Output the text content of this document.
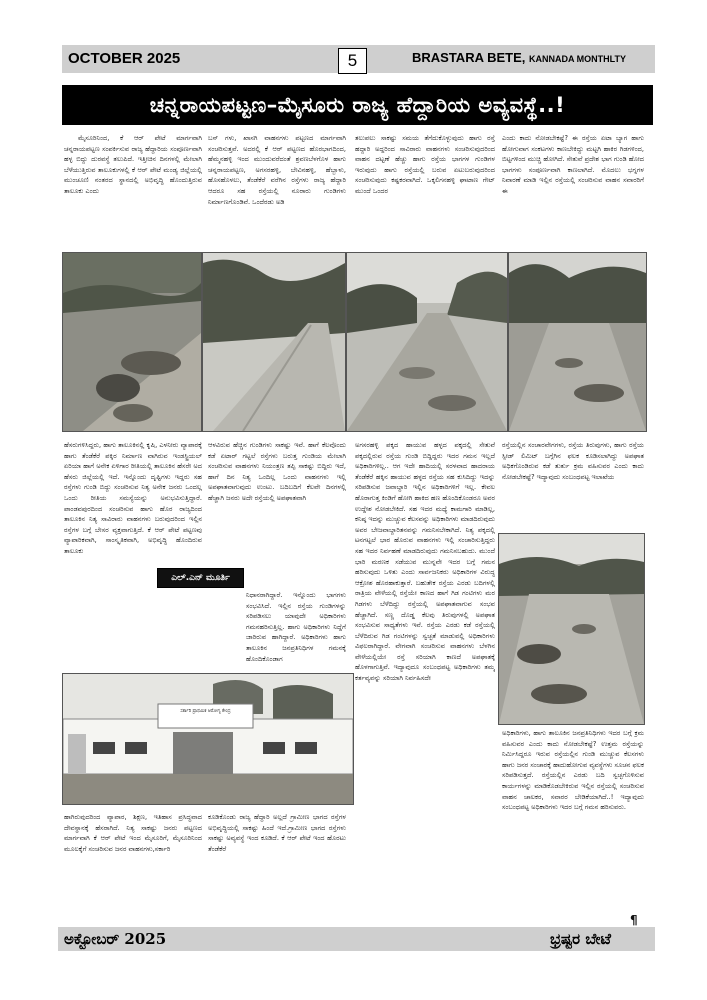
OCTOBER 2025	5	BRASTARA BETE, KANNADA MONTHLTY
ಚನ್ನರಾಯಪಟ್ಟಣ–ಮೈಸೂರು ರಾಜ್ಯ ಹೆದ್ದಾರಿಯ ಅವ್ಯವಸ್ಥೆ..!

ಮೈಸೂರಿನಿಂದ, ಕೆ ಆರ್ ಪೇಟೆ ಮಾರ್ಗವಾಗಿ ಚನ್ನರಾಯಪಟ್ಟಣ ಸಂಪರ್ಕಿಸುವ ರಾಜ್ಯ ಹೆದ್ದಾರಿಯ ಸಂಪೂರ್ಣವಾಗಿ ಹಳ್ಳ ಬಿದ್ದು ದುರವಸ್ಥೆ ತಲುಪಿದೆ. ಇತ್ತೀಚಿನ ದಿನಗಳಲ್ಲಿ ಮೇಲಾಗಿ ಬೆಳೆಯುತ್ತಿರುವ ತಾಲೂಕುಗಳಲ್ಲಿ ಕೆ ಆರ್ ಪೇಟೆ ಮಂಡ್ಯ ಜಿಲ್ಲೆಯಲ್ಲಿ ಮುಂಚೂಣಿ ನಂತರದ ಸ್ಥಾನದಲ್ಲಿ ಅಭಿವೃದ್ಧಿ ಹೊಂದುತ್ತಿರುವ ತಾಲೂಕು ಎಂದು

ಬಸ್ ಗಳು, ಖಾಸಗಿ ವಾಹನಗಳು ಪಟ್ಟಣದ ಮಾರ್ಗವಾಗಿ ಸಂಚರಿಸುತ್ತವೆ. ಅದರಲ್ಲಿ ಕೆ ಆರ್ ಪಟ್ಟಣದ ಹೊರಭಾಗದಿಂದ, ಹೆಮ್ಮನಹಳ್ಳಿ ಇಂದ ಮುಂದುವರೆದಂತೆ ಶ್ರವಣಬೆಳಗೊಳ ಹಾಗು ಚನ್ನರಾಯಪಟ್ಟಣ, ಅಗಸರಹಳ್ಳಿ, ಬೇವಿನಹಳ್ಳಿ, ಹೆಬ್ಬಾಳು, ಹೊಸಹೊಳಲು, ತೆಂಡೆಕೆರೆ ವರೆಗಿನ ರಸ್ತೆಗಳು ರಾಜ್ಯ ಹೆದ್ದಾರಿ ಆದರೂ ಸಹ ರಸ್ತೆಯಲ್ಲಿ ನೂರಾರು ಗುಂಡಿಗಳು ನಿರ್ಮಾಣಗೊಂಡಿವೆ. ಒಂದೆರಡು ಅಡಿ

ತಲುಪಲು ಸಾಕಷ್ಟು ಸಮಯ ತೆಗೆದುಕೊಳ್ಳುವುದು ಹಾಗು ರಸ್ತೆ ಹದ್ದಾರಿ ಅದ್ದರಿಂದ ಸಾವಿರಾರು ವಾಹನಗಳು ಸಂಚರಿಸುವುದರಿಂದ ವಾಹನ ದಟ್ಟಣೆ ಹೆಚ್ಚು ಹಾಗು ರಸ್ತೆಯ ಭಾಗಗಳ ಗುಂಡಿಗಳ ಇರುವುದು ಹಾಗು ರಸ್ತೆಯಲ್ಲಿ ಬರುವ ಏಟುಬರುವುದರಿಂದ ಸಂಚರಿಸುವುದು ಕಷ್ಟಕರವಾಗಿದೆ. ಒಕ್ಕಲಿಗನಹಳ್ಳಿ ಘಾಟಾಣ ಗೇಟ್ ಮುಂದೆ ಒಂದರ

ಎಂದು ಕಾದು ನೋಡಬೇಕಷ್ಟೆ? ಈ ರಸ್ತೆಯ ಏಟಾ ಬ್ಯಾಗ ಹಾಗು ಹೋಗುವಾಗ ಸಂಕಟಗಳು ಕಾಣಬೇಕಿದ್ದು ಮಟ್ಟಗಿ ಹಾಕಿರ ಗಿಡಗಳಿಂದ, ಬಿಟ್ಟಗಳಿಂದ ಮುಚ್ಚಿ ಹೋಗಿದೆ. ಸೇತುವೆ ಪ್ರದೇಶ ಭಾಗ ಗುಂಡಿ ಹೋದ ಭಾಗಗಳು ಸಂಪೂರ್ಣವಾಗಿ ಕಾಣಲಾಗಿದೆ. ಮೊದಲು ಭಗ್ನಗಳ ನಿವಾರಣೆ ಮಾಡಿ ಇಲ್ಲಿನ ರಸ್ತೆಯಲ್ಲಿ ಸಂಚರಿಸುವ ವಾಹನ ಸವಾರರಿಗೆ ಈ

ಹೆಸರುಗಳಿಸಿದ್ದರು, ಹಾಗು ತಾಲೂಕಿನಲ್ಲಿ ಕೃಷಿ, ಎಳನೀರು ವ್ಯಾಪಾರಕ್ಕೆ ಹಾಗು ತೆಂಡೆಕೆರೆ ಪಕ್ಕಿರ ನಿರ್ಮಾಣ ವಾಗಿರುವ ಇಂಡಸ್ಟ್ರಿಯಲ್ ಏರಿಯಾ ಹಾಗೆ ಅನೇಕ ಏಳಿಗಾರ ರೀತಿಯಲ್ಲಿ ತಾಲೂಕಿನ ಹೆಸರೇ ಅದ ಹೆಸರು ಜಿಲ್ಲೆಯಲ್ಲಿ ಇದೆ. ಇನ್ನೊಂದು ದೃಷ್ಟಿಗಳು ಇದ್ದರು ಸಹ ರಸ್ತೆಗಳು ಗುಂಡಿ ಬಿದ್ದು ಸಂಚರಿಸುವ ನಿತ್ಯ ಅನೇಕ ಜನರು ಒಂದಲ್ಲ ಒಂದು ರೀತಿಯ ಸಮಸ್ಯೆಯನ್ನು ಅನುಭವಿಸುತ್ತಿದ್ದಾರೆ. ಪಾಂಡವಪುರದಿಂದ ಸಂಚರಿಸುವ ಹಾಗು ಹೊರ ರಾಜ್ಯದಿಂದ ತಾಲೂಕಿನ ನಿತ್ಯ ಸಾವಿರಾರು ವಾಹನಗಳು ಬರುವುದರಿಂದ ಇಲ್ಲಿನ ರಸ್ತೆಗಳ ಬಗ್ಗೆ ಬೇಸರ ವ್ಯಕ್ತವಾಗುತ್ತಿದೆ. ಕೆ ಆರ್ ಪೇಟೆ ಪಟ್ಟಣವು ವ್ಯಾಪಾರಿಕವಾಗಿ, ಸಾಂಸ್ಕೃತಿಕವಾಗಿ, ಅಭಿವೃದ್ಧಿ ಹೊಂದಿರುವ ತಾಲೂಕು

ಆಳವಿರುವ ಹೆಚ್ಚಿನ ಗುಂಡಿಗಳು ಸಾಕಷ್ಟು ಇವೆ. ಹಾಗೆ ಕೆಲವೊಂದು ಕಡೆ ಏಟಾರ್ ಗಟ್ಟಲೆ ರಸ್ತೆಗಳು ಬರುತ್ತ ಗುಂಡಿಯ ಮೇಲಾಗಿ ಸಂಚರಿಸುವ ವಾಹನಗಳು ನಿಯಂತ್ರಣ ತಪ್ಪಿ ಸಾಕಷ್ಟು ಬಿದ್ದಿರು ಇದೆ, ಹಾಗೆ ದಿನ ನಿತ್ಯ ಒಂದಿಲ್ಲ ಒಂದು ವಾಹನಗಳು ಇಲ್ಲಿ ಅಪಘಾತವಾಗುವುದು ಉಂಟು. ಬದಿಬದಿಗೆ ಕೆಲವೇ ದಿನಗಳಲ್ಲಿ ಹೆಚ್ಚಾಗಿ ಜನರು ಅದೇ ರಸ್ತೆಯಲ್ಲಿ ಅಪಘಾತವಾಗಿ

ಎಲ್.ಎನ್ ಮೂರ್ತಿ

ನಿಧಾನರಾಗಿದ್ದಾರೆ. ಇನ್ನೊಂದು ಭಾಗಗಳು ಸಂಭವಿಸಿದೆ. ಇಲ್ಲಿನ ರಸ್ತೆಯ ಗುಂಡಿಗಳನ್ನು ಸರಿಪಡಿಸಲು ಯಾವುದೇ ಅಧಿಕಾರಿಗಳು ಗಮನಹರಿಸುತ್ತಿಲ್ಲ. ಹಾಗು ಅಧಿಕಾರಿಗಳು ನಿದ್ದೆಗೆ ಜಾರಿರುವ ಹಾಗಿದ್ದಾರೆ. ಅಧಿಕಾರಿಗಳು ಹಾಗು ತಾಲೂಕಿನ ಜನಪ್ರತಿನಿಧಿಗಳ ಗಮನಕ್ಕೆ ಹೊಂದಿಕೊಂಡಾಗ

ಅಗಸರಹಳ್ಳಿ ಪಕ್ಕದ ಹಾಯುವ ಹಳ್ಳದ ಪಕ್ಕದಲ್ಲಿ ಸೇತುವೆ ಪಕ್ಕದಲ್ಲಿರುವ ರಸ್ತೆಯ ಗುಂಡಿ ಬಿದ್ದಿದ್ದರು ಇದರ ಗಮನ ಇಲ್ಲದೆ ಅಧಿಕಾರಿಗಳಿಲ್ಲ.. ಆಗ ಇದೇ ಹಾದಿಯಲ್ಲಿ ಸರಳವಾದ ಹಾದರಾಯ ತೆಂಡೆಕೆರೆ ಹಕ್ಕಿನ ಹಾಯುವ ಹಳ್ಳದ ರಸ್ತೆಯ ಸಹ ಕುಸಿದಿದ್ದು ಇದನ್ನು ಸರಿಪಡಿಸುವ ಜವಾಬ್ದಾರಿ ಇಲ್ಲಿನ ಅಧಿಕಾರಿಗಳಿಗೆ ಇಲ್ಲ. ಕೇವಲ ಹೊರಾಗುತ್ತ ಕಿಂಡಿಗೆ ಹೋಗಿ ಹಾಕಿದ ಹಣ ಹೊಂದಿಕೊಂಡರೂ ಅವರ ಉದ್ದೇಶ ನೋಡಬೇಕಿದೆ. ಸಹ ಇದರ ಮಧ್ಯೆ ಕಾಮಗಾರಿ ಮಾಡಿಲ್ಲ, ಕನಿಷ್ಠ ಇದನ್ನು ಮುಚ್ಚುವ ಕೆಲಸವನ್ನು ಅಧಿಕಾರಿಗಳು ಮಾಡದಿರುವುದು ಅವರ ಬೇಜವಾಬ್ದಾರಿತನವನ್ನು ಗಮನಿಸಬೇಕಾಗಿದೆ. ನಿತ್ಯ ಪಕ್ಕದಲ್ಲಿ ಟನಗಟ್ಟಲೆ ಭಾರ ಹೊರುವ ವಾಹನಗಳು ಇಲ್ಲಿ ಸಂಚಾರಿಸುತ್ತಿದ್ದರು ಸಹ ಇದರ ನಿರ್ವಹಣೆ ಮಾಡದಿರುವುದು ಗಮನಿಸಬಹುದು. ಮುಂದೆ ಭಾರಿ ಮರಣಕ ಸಡೆಯುವ ಮುನ್ನವೇ ಇದರ ಬಗ್ಗೆ ಗಮನ ಹರಿಸುವುದು ಒಳಿತು ಎಂದು ಸಾರ್ವಜನಿಕರು ಅಧಿಕಾರಿಗಳ ವಿರುದ್ಧ ಆಕ್ರೋಶ ಹೊರಹಾಕುತ್ತಾರೆ. ಬಹುತೇಕ ರಸ್ತೆಯ ಎರಡು ಬದಿಗಳಲ್ಲಿ ರಾತ್ರಿಯ ವೇಳೆಯಲ್ಲಿ ರಸ್ತೆಯೇ ಕಾಣದ ಹಾಗೆ ಗಿಡ ಗಂಟಿಗಳು ಮರ ಗಿಡಗಳು ಬೆಳೆದಿದ್ದು ರಸ್ತೆಯಲ್ಲಿ ಅಪಘಾತವಾಗುವ ಸಂಭವ ಹೆಚ್ಚಾಗಿದೆ. ಸಣ್ಣ ದೊಡ್ಡ ಕೆಲವು ತಿರುವುಗಳಲ್ಲಿ ಅಪಘಾತ ಸಂಭವಿಸುವ ಸಾಧ್ಯತೆಗಳು ಇವೆ. ರಸ್ತೆಯ ಎರಡು ಕಡೆ ರಸ್ತೆಯಲ್ಲಿ ಬೆಳೆದಿರುವ ಗಿಡ ಗಂಟಿಗಳನ್ನು ಸ್ವಚ್ಛತೆ ಮಾಡುವಲ್ಲಿ ಅಧಿಕಾರಿಗಳು ವಿಫಲರಾಗಿದ್ದಾರೆ. ವೇಗವಾಗಿ ಸಂಚರಿಸುವ ವಾಹನಗಳು ಬೆಳಗಿನ ವೇಳೆಯಲ್ಲಿಯೇ ರಸ್ತೆ ಸರಿಯಾಗಿ ಕಾಣದೆ ಅಪಘಾತಕ್ಕೆ ಹೊಳಗಾಗುತ್ತಿವೆ. ಇದ್ಯಾವುದೂ ಸಂಬಂಧಪಟ್ಟ ಅಧಿಕಾರಿಗಳು ತಮ್ಮ ಕರ್ತವ್ಯವನ್ನು ಸರಿಯಾಗಿ ನಿರ್ವಹಿಸದೇ

ರಸ್ತೆಯಲ್ಲಿನ ಸಂಚಾರವೇಗಗಳು, ರಸ್ತೆಯ ತಿರುವುಗಳು, ಹಾಗು ರಸ್ತೆಯ ಸ್ಪೀಡ್ ಲಿಮಿಟ್ ಬಗ್ಗೆಗಿನ ಫಲಕ ಕೂಡಿಸಲಾಗಿದ್ದು ಅಪಘಾತ ಅಧಿಕಗೊಂಡಿರುವ ಕಡೆ ತುರ್ತು ಕ್ರಮ ವಹಿಸುವರ ಎಂದು ಕಾದು ನೋಡಬೇಕಷ್ಟೆ? ಇದ್ಯಾವುದು ಸಂಬಂಧಪಟ್ಟ ಇಲಾಖೆಯ

ಅಧಿಕಾರಿಗಳು, ಹಾಗು ತಾಲೂಕಿನ ಜನಪ್ರತಿನಿಧಿಗಳು ಇದರ ಬಗ್ಗೆ ಕ್ರಮ ವಹಿಸುವರ ಎಂದು ಕಾದು ನೋಡಬೇಕಷ್ಟೆ? ಉತ್ತಮ ರಸ್ತೆಯನ್ನು ನಿರ್ಮಿಸಿದ್ದರೂ ಇರುವ ರಸ್ತೆಯಲ್ಲಿನ ಗುಂಡಿ ಮುಚ್ಚುವ ಕೆಲಸಗಳು ಹಾಗು ಜನರ ಸಂಚಾರಕ್ಕೆ ಹಾದುಹೋಗುವ ವ್ಯವಸ್ಥೆಗಳು ಸೂಚನ ಫಲಕ ಸರಿಪಡಿಸುತ್ತದೆ. ರಸ್ತೆಯಲ್ಲಿನ ಎರಡು ಬದಿ ಸ್ವಚ್ಛಗೊಳಿಸುವ ಕಾರ್ಯಗಳನ್ನು ಮಾಡಿಕೊಡಬೇಕಿರುವ ಇಲ್ಲಿನ ರಸ್ತೆಯಲ್ಲಿ ಸಂಚರಿಸುವ ವಾಹನ ಚಾಲಕರ, ಸವಾರರ ಬೇಡಿಕೆಯಾಗಿದೆ..! ಇದ್ಯಾವುದು ಸಂಬಂಧಪಟ್ಟ ಅಧಿಕಾರಿಗಳು ಇದರ ಬಗ್ಗೆ ಗಮನ ಹರಿಸುವರು.

¶
ಸರ್ಕಾರಿ ಪ್ರಾಥಮಿಕ ಆರೋಗ್ಯ ಕೇಂದ್ರ

ಹಾಗಿರುವುದರಿಂದ ವ್ಯಾಪಾರ, ಶಿಕ್ಷಣ, ಇತಿಹಾಸ ಪ್ರಸಿದ್ಧವಾದ ದೇವಸ್ಥಾನಕ್ಕೆ ಹೆಸರಾಗಿದೆ. ನಿತ್ಯ ಸಾಕಷ್ಟು ಜನರು ಪಟ್ಟಣದ ಮಾರ್ಗವಾಗಿ ಕೆ ಆರ್ ಪೇಟೆ ಇಂದ ಮೈಸೂರಿಗೆ, ಮೈಸೂರಿನಿಂದ ಮೂಲಕ್ಕೆಗೆ ಸಂಚರಿಸುವ ಜನರ ವಾಹನಗಳು,ಸರ್ಕಾರಿ

ಕೂಡಿಕೊಂಡು ರಾಜ್ಯ ಹೆದ್ದಾರಿ ಅಲ್ಲದೆ ಗ್ರಾಮೀಣ ಭಾಗದ ರಸ್ತೆಗಳ ಅಭಿವೃದ್ಧಿಯಲ್ಲಿ ಸಾಕಷ್ಟು ಹಿಂದೆ ಇದೆ.ಗ್ರಾಮೀಣ ಭಾಗದ ರಸ್ತೆಗಳು ಸಾಕಷ್ಟು ಅವ್ಯವಸ್ಥೆ ಇಂದ ಕೂಡಿದೆ. ಕೆ ಆರ್ ಪೇಟೆ ಇಂದ ಹೊರಟು ತೆಂಡೆಕೆರೆ

ಅಕ್ಟೋಬರ್ 2025	ಭ್ರಷ್ಟರ ಬೇಟೆ
